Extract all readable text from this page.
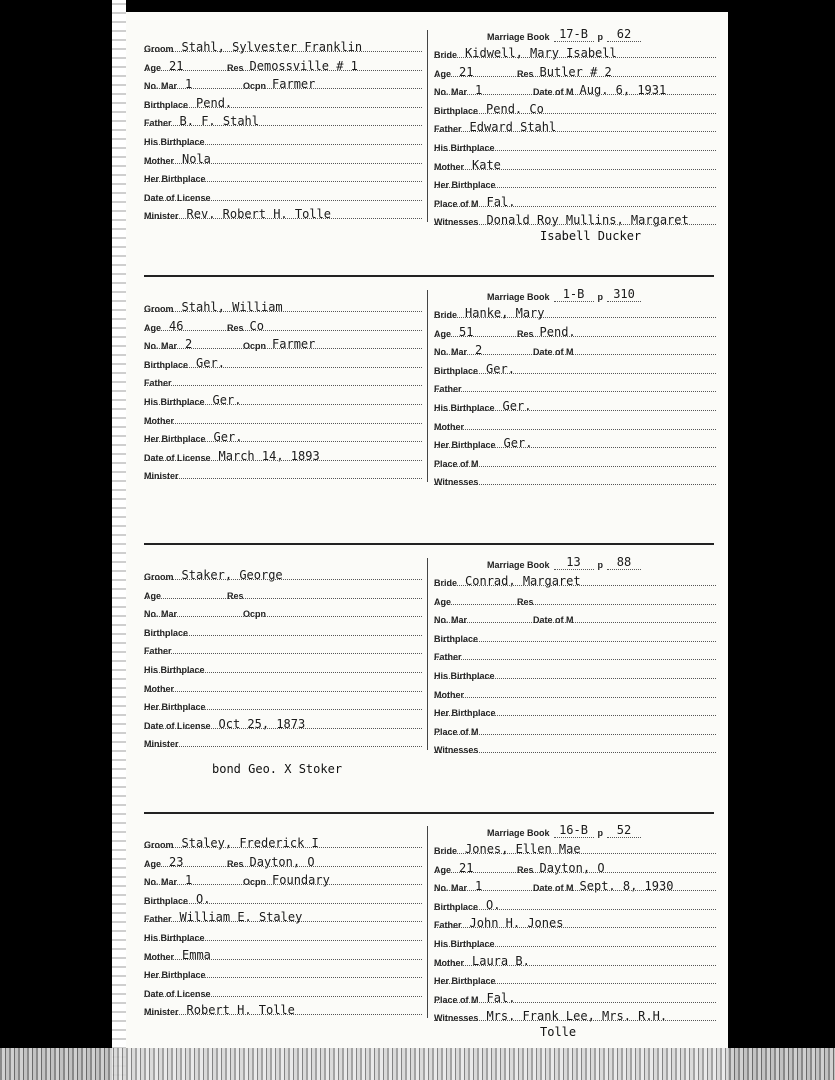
Groom Stahl, Sylvester Franklin
Age 21	Res Demossville # 1
No. Mar 1	Ocpn Farmer
Birthplace Pend.
Father B. F. Stahl
His Birthplace
Mother Nola
Her Birthplace
Date of License
Minister Rev. Robert H. Tolle
Marriage Book 17-B p 62
Bride Kidwell, Mary Isabell
Age 21	Res Butler # 2
No. Mar 1	Date of M Aug. 6, 1931
Birthplace Pend. Co
Father Edward Stahl
His Birthplace
Mother Kate
Her Birthplace
Place of M Fal.
Witnesses Donald Roy Mullins, Margaret
Isabell Ducker
Groom Stahl, William
Age 46	Res Co
No. Mar 2	Ocpn Farmer
Birthplace Ger.
Father
His Birthplace Ger.
Mother
Her Birthplace Ger.
Date of License March 14, 1893
Minister
Marriage Book 1-B p 310
Bride Hanke, Mary
Age 51	Res Pend.
No. Mar 2	Date of M
Birthplace Ger.
Father
His Birthplace Ger.
Mother
Her Birthplace Ger.
Place of M
Witnesses
Groom Staker, George
Age	Res
No. Mar	Ocpn
Birthplace
Father
His Birthplace
Mother
Her Birthplace
Date of License Oct 25, 1873
Minister
bond Geo. X Stoker
Marriage Book 13 p 88
Bride Conrad, Margaret
Age	Res
No. Mar	Date of M
Birthplace
Father
His Birthplace
Mother
Her Birthplace
Place of M
Witnesses
Groom Staley, Frederick I
Age 23	Res Dayton, O
No. Mar 1	Ocpn Foundary
Birthplace O.
Father William E. Staley
His Birthplace
Mother Emma
Her Birthplace
Date of License
Minister Robert H. Tolle
Marriage Book 16-B p 52
Bride Jones, Ellen Mae
Age 21	Res Dayton, O
No. Mar 1	Date of M Sept. 8, 1930
Birthplace O.
Father John H. Jones
His Birthplace
Mother Laura B.
Her Birthplace
Place of M Fal.
Witnesses Mrs. Frank Lee, Mrs. R.H.
Tolle
